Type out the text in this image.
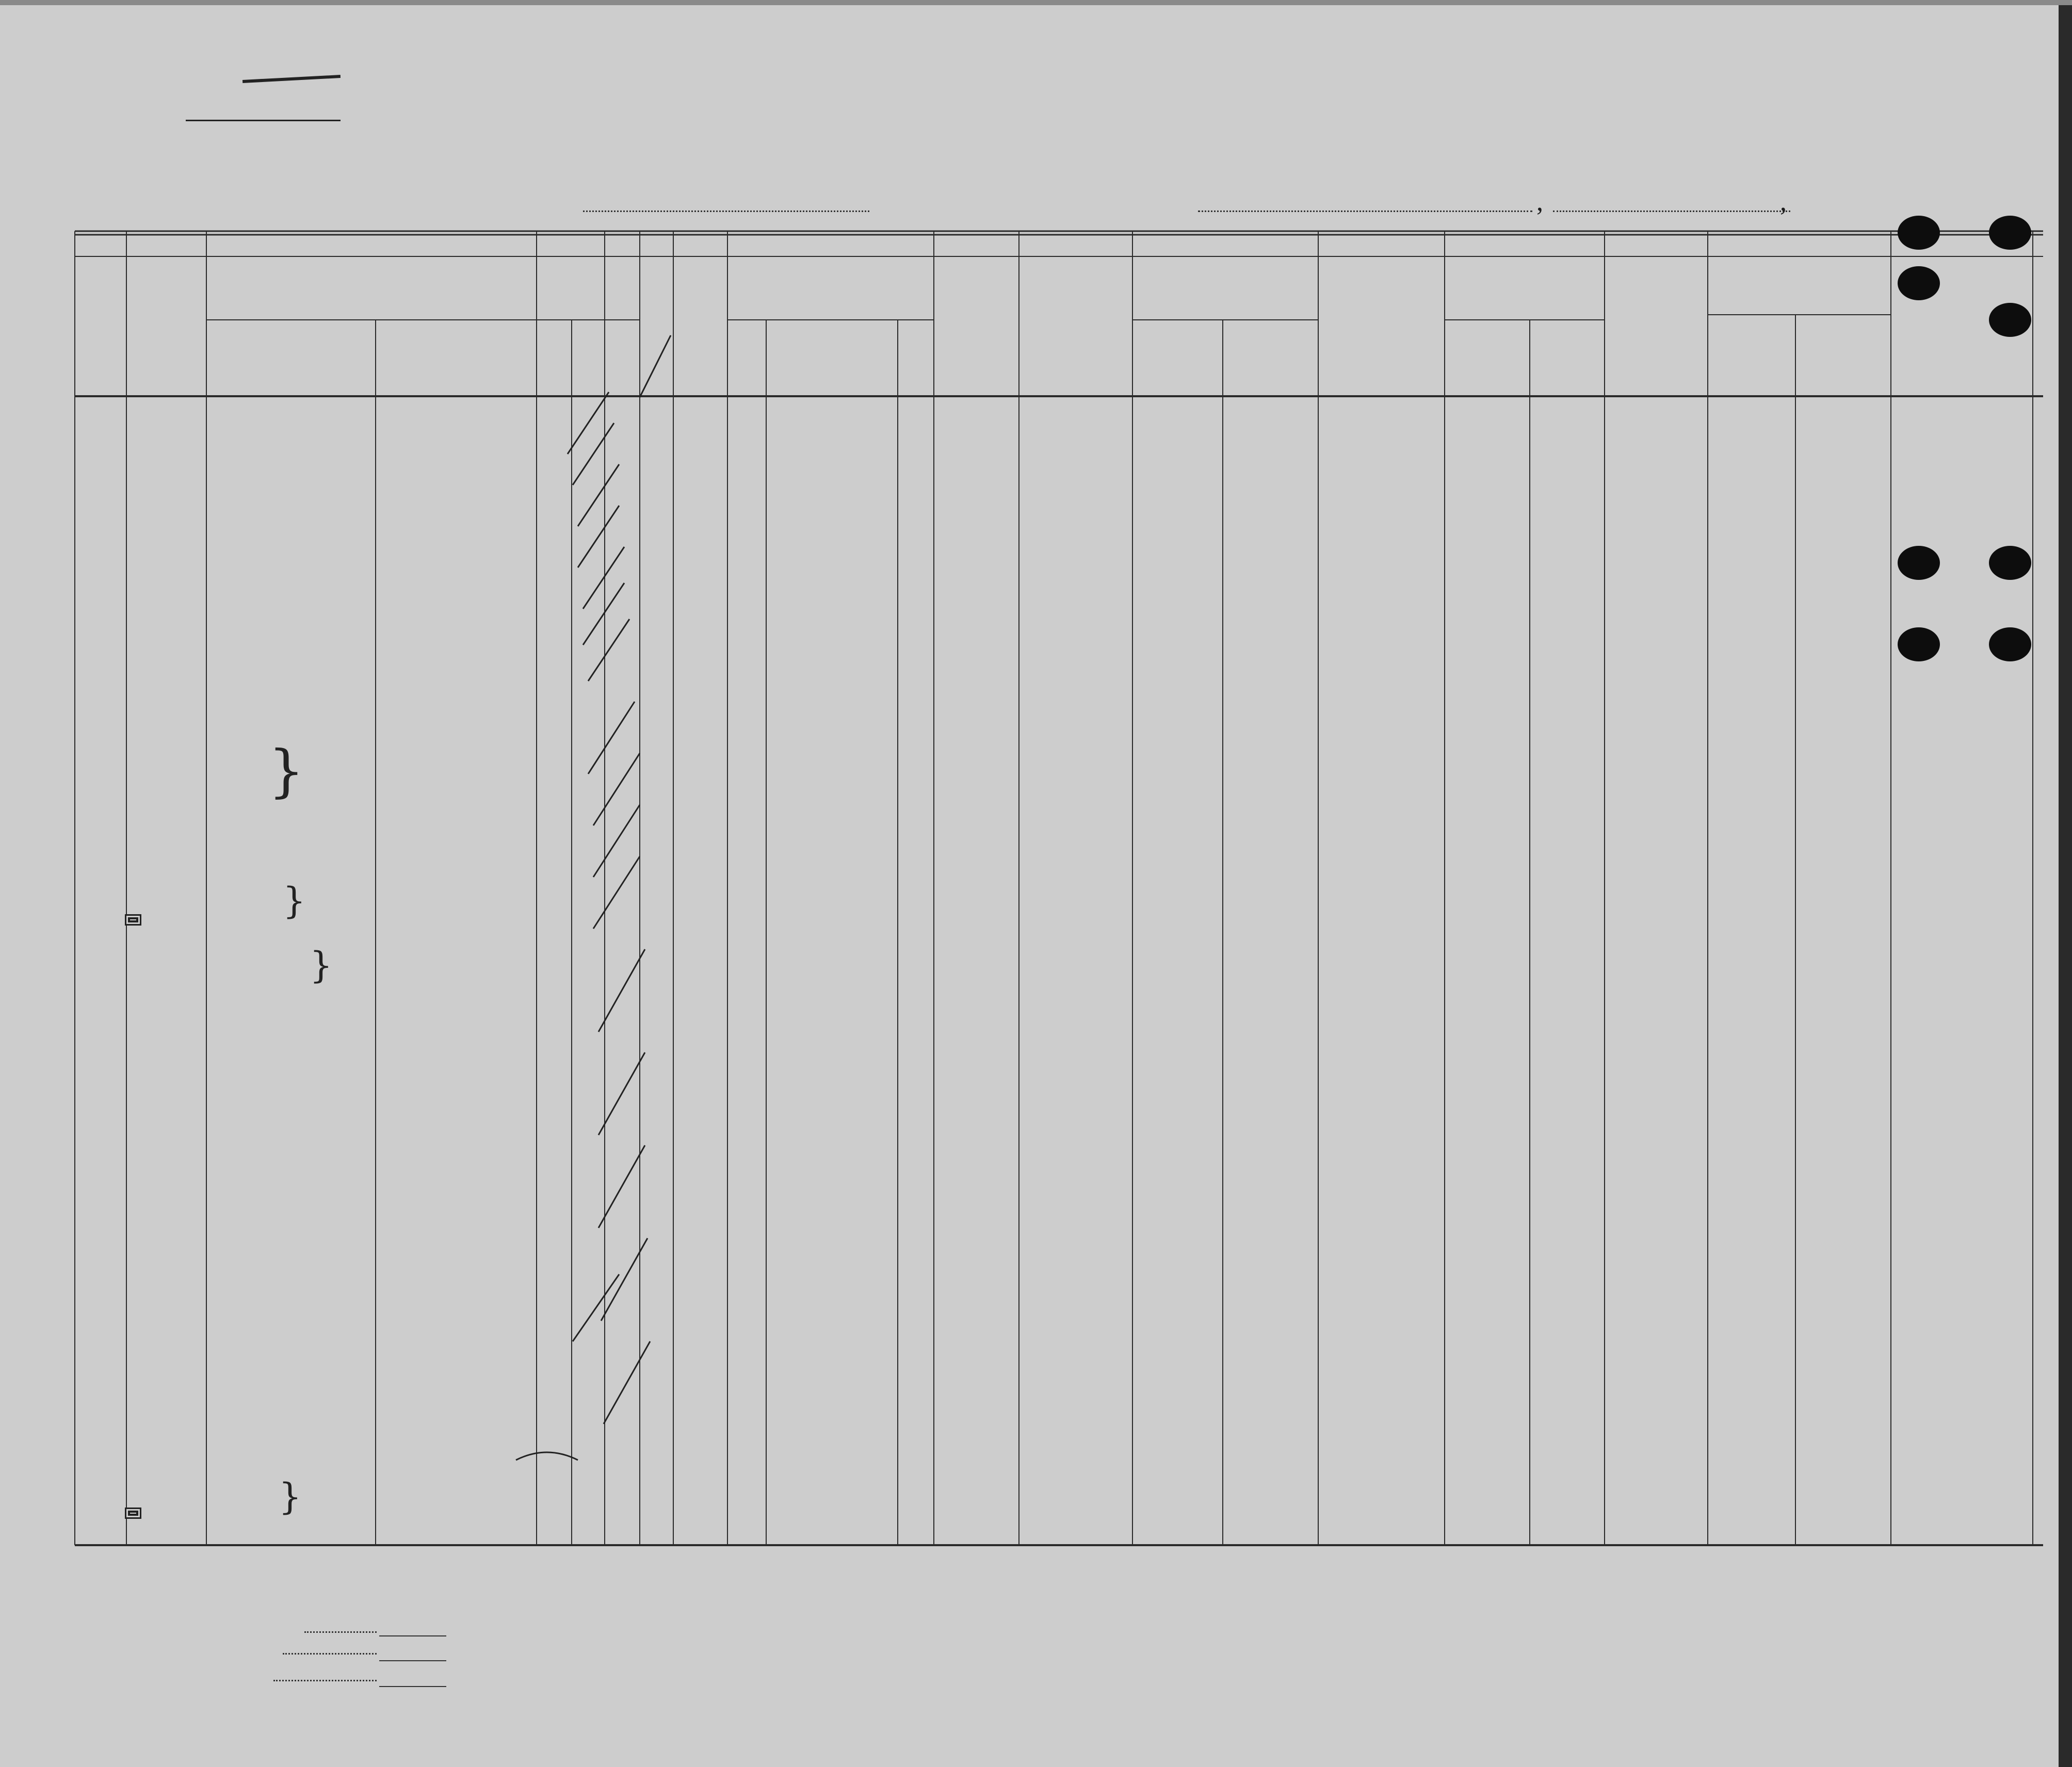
,	,
}
}
}
}
